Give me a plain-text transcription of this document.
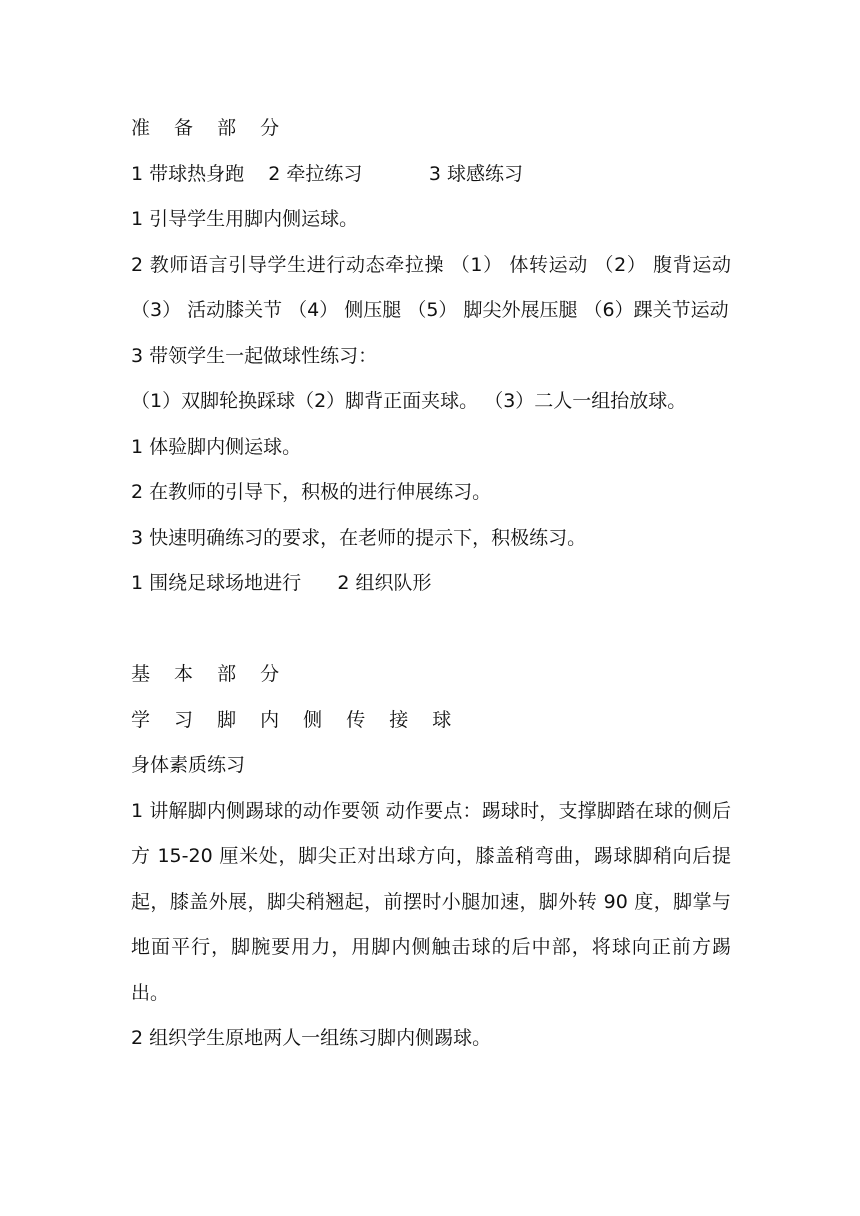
准 备 部 分
1 带球热身跑    2 牵拉练习           3 球感练习
1 引导学生用脚内侧运球。
2 教师语言引导学生进行动态牵拉操 （1） 体转运动 （2） 腹背运动（3） 活动膝关节 （4） 侧压腿 （5） 脚尖外展压腿 （6）踝关节运动
3 带领学生一起做球性练习：
（1）双脚轮换踩球（2）脚背正面夹球。 （3）二人一组抬放球。
1 体验脚内侧运球。
2 在教师的引导下，积极的进行伸展练习。
3 快速明确练习的要求，在老师的提示下，积极练习。
1 围绕足球场地进行      2 组织队形
基 本 部 分
学 习 脚 内 侧 传 接 球
身体素质练习
1 讲解脚内侧踢球的动作要领 动作要点：踢球时，支撑脚踏在球的侧后方 15-20 厘米处，脚尖正对出球方向，膝盖稍弯曲，踢球脚稍向后提起，膝盖外展，脚尖稍翘起，前摆时小腿加速，脚外转 90 度，脚掌与地面平行，脚腕要用力，用脚内侧触击球的后中部，将球向正前方踢出。
2 组织学生原地两人一组练习脚内侧踢球。
